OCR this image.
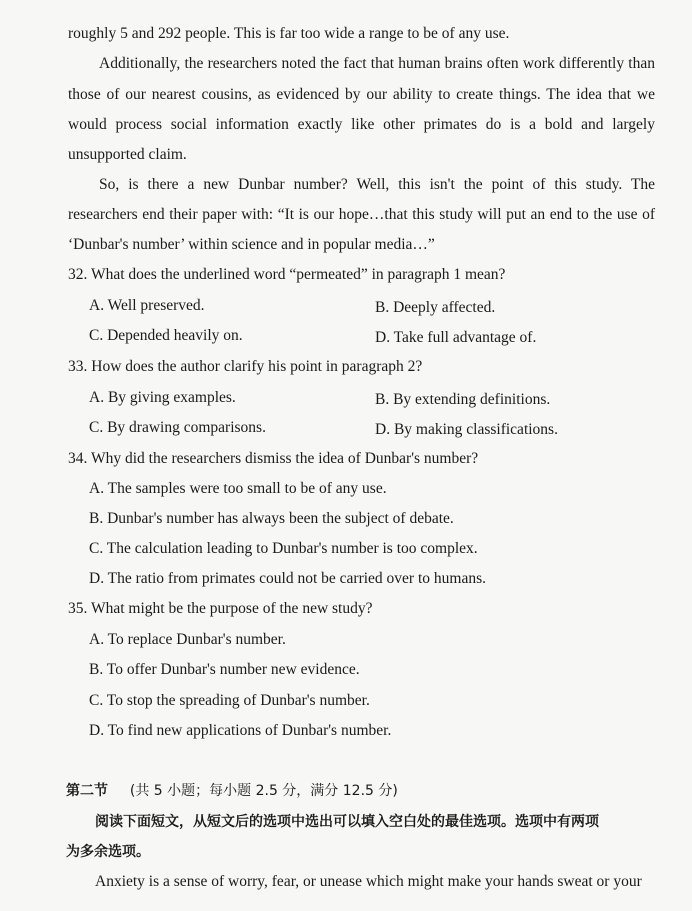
roughly 5 and 292 people. This is far too wide a range to be of any use.
Additionally, the researchers noted the fact that human brains often work differently than
those of our nearest cousins, as evidenced by our ability to create things. The idea that we
would process social information exactly like other primates do is a bold and largely
unsupported claim.
So, is there a new Dunbar number? Well, this isn't the point of this study. The
researchers end their paper with: “It is our hope…that this study will put an end to the use of
‘Dunbar's number’ within science and in popular media…”
32. What does the underlined word “permeated” in paragraph 1 mean?
A. Well preserved.	B. Deeply affected.
C. Depended heavily on.	D. Take full advantage of.
33. How does the author clarify his point in paragraph 2?
A. By giving examples.	B. By extending definitions.
C. By drawing comparisons.	D. By making classifications.
34. Why did the researchers dismiss the idea of Dunbar's number?
A. The samples were too small to be of any use.
B. Dunbar's number has always been the subject of debate.
C. The calculation leading to Dunbar's number is too complex.
D. The ratio from primates could not be carried over to humans.
35. What might be the purpose of the new study?
A. To replace Dunbar's number.
B. To offer Dunbar's number new evidence.
C. To stop the spreading of Dunbar's number.
D. To find new applications of Dunbar's number.
第二节 (共 5 小题；每小题 2.5 分，满分 12.5 分)
阅读下面短文，从短文后的选项中选出可以填入空白处的最佳选项。选项中有两项
为多余选项。
Anxiety is a sense of worry, fear, or unease which might make your hands sweat or your
